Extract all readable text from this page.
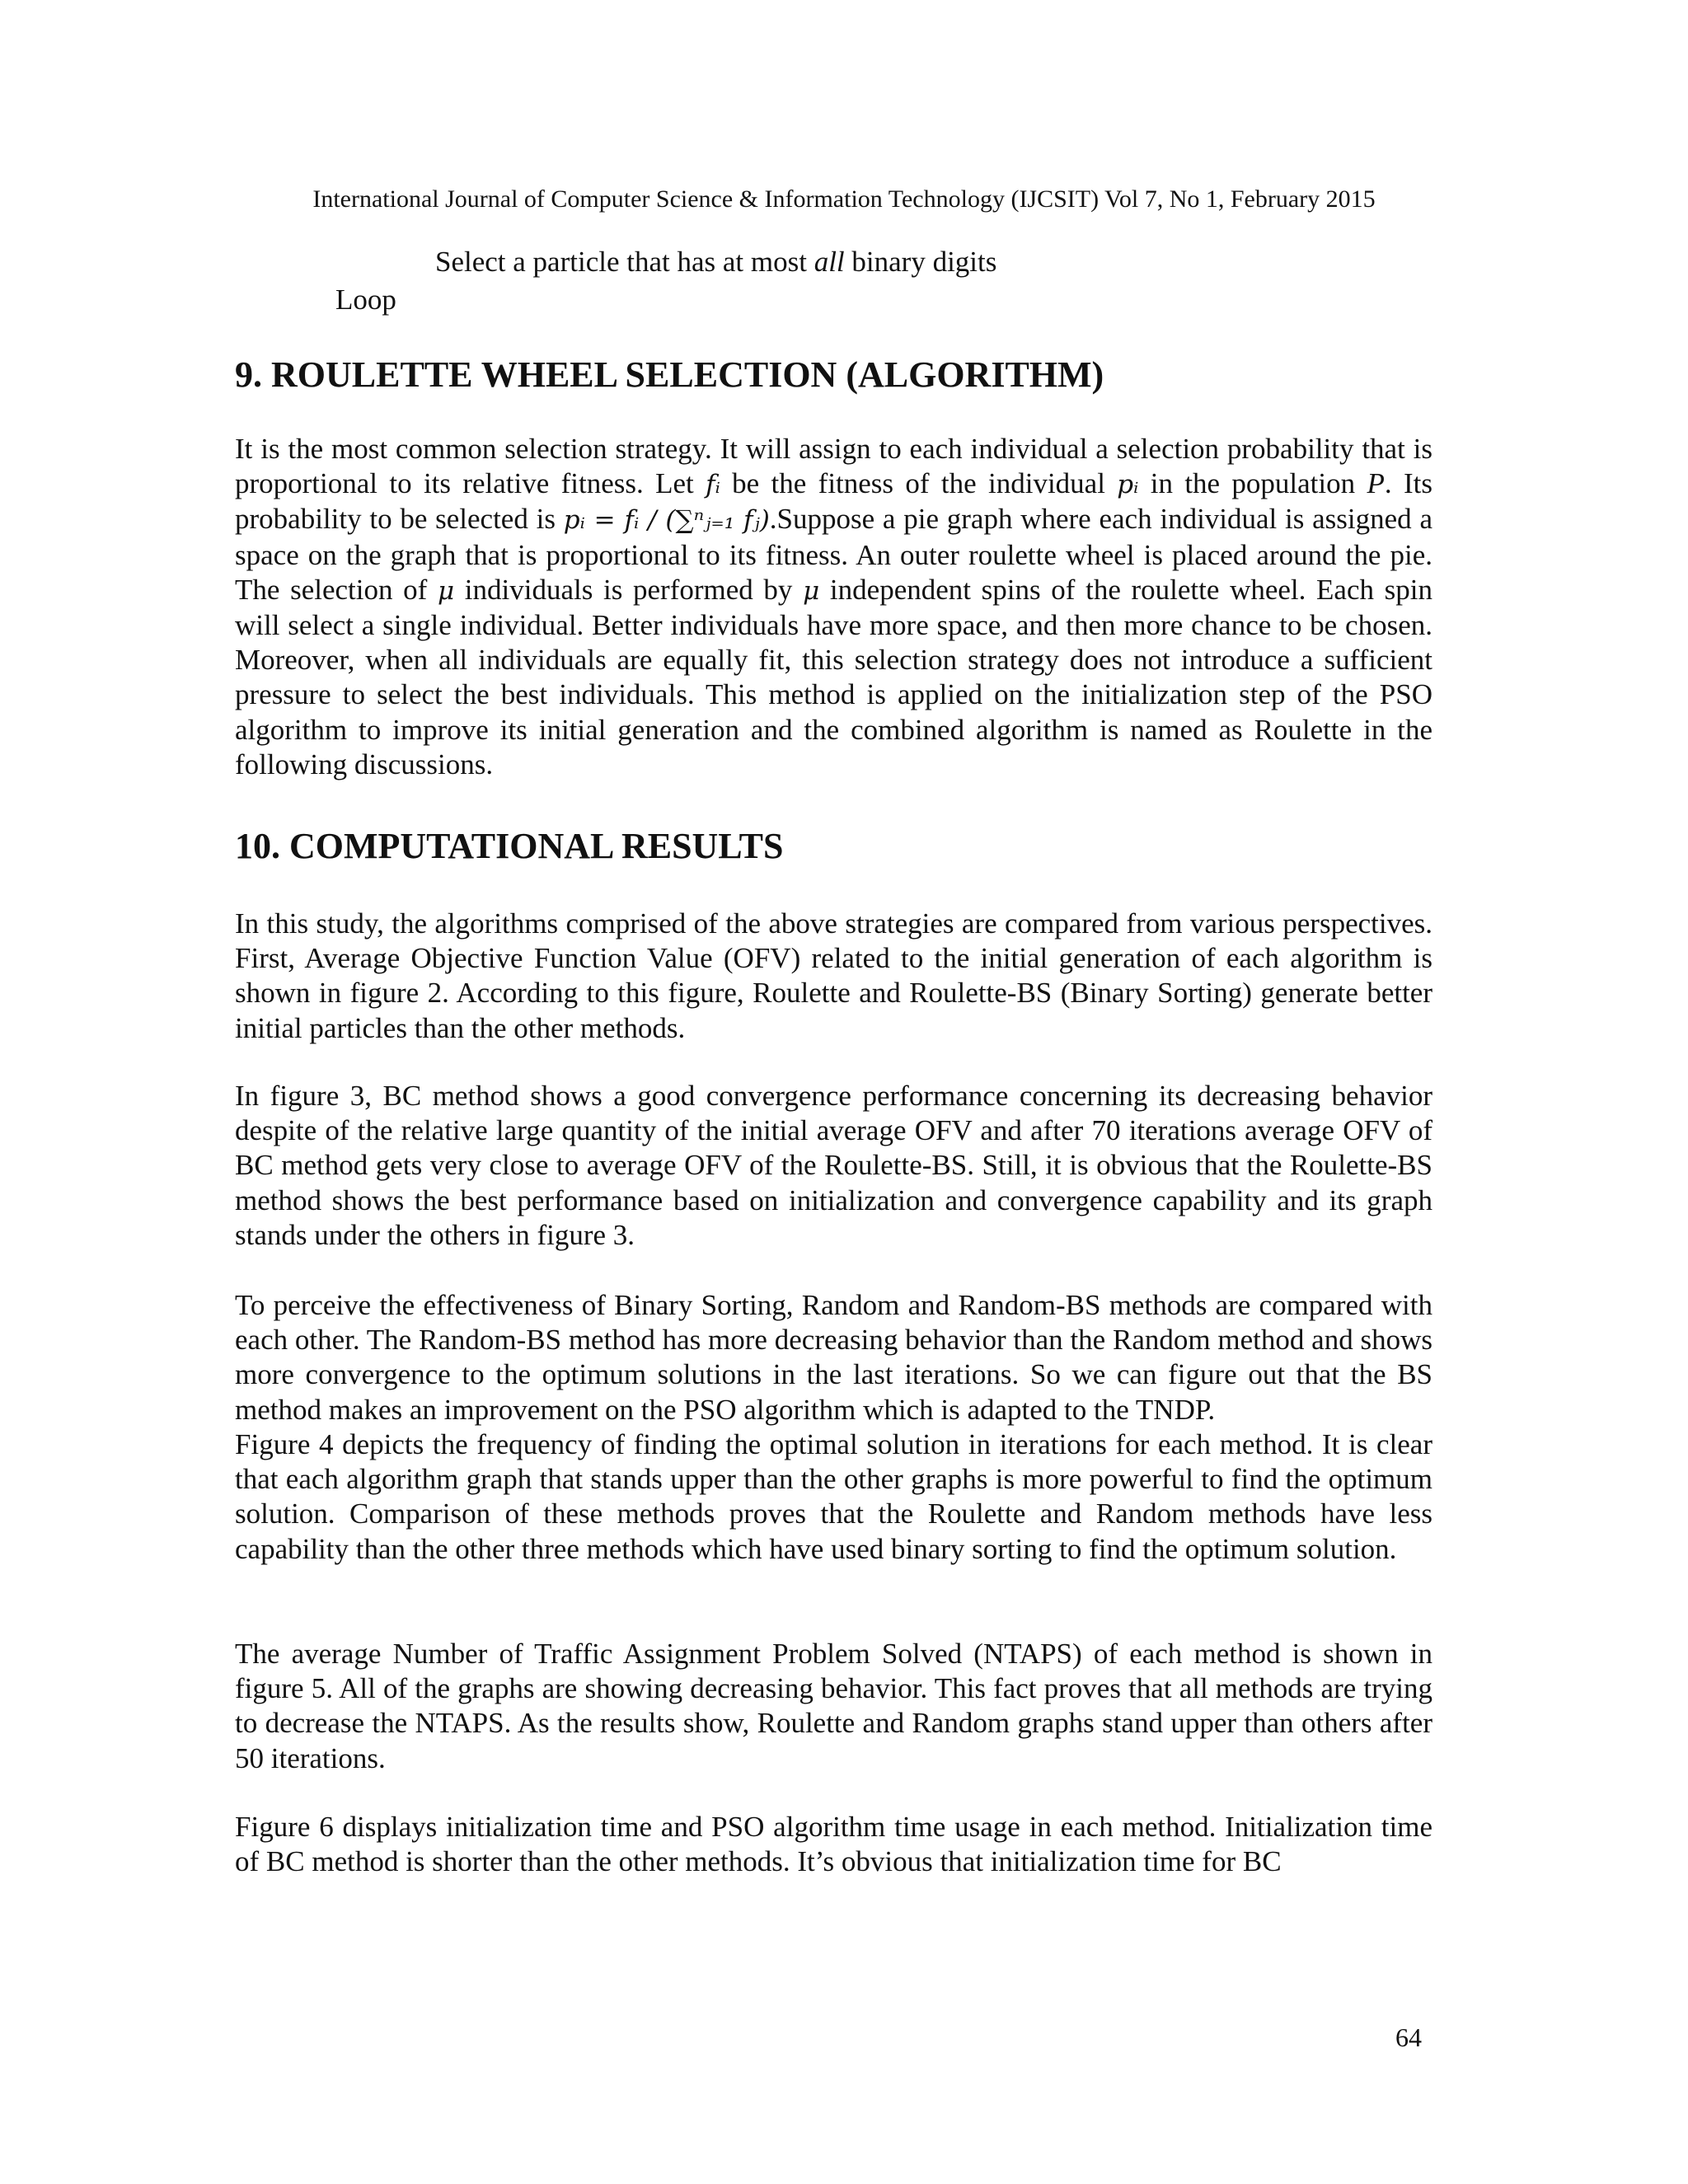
International Journal of Computer Science & Information Technology (IJCSIT) Vol 7, No 1, February 2015
Select a particle that has at most all binary digits
Loop
9. ROULETTE WHEEL SELECTION (ALGORITHM)

It is the most common selection strategy. It will assign to each individual a selection probability that is proportional to its relative fitness. Let fᵢ be the fitness of the individual pᵢ in the population P. Its probability to be selected is pᵢ = fᵢ / (∑ⁿⱼ₌₁ fⱼ).Suppose a pie graph where each individual is assigned a space on the graph that is proportional to its fitness. An outer roulette wheel is placed around the pie. The selection of μ individuals is performed by μ independent spins of the roulette wheel. Each spin will select a single individual. Better individuals have more space, and then more chance to be chosen. Moreover, when all individuals are equally fit, this selection strategy does not introduce a sufficient pressure to select the best individuals. This method is applied on the initialization step of the PSO algorithm to improve its initial generation and the combined algorithm is named as Roulette in the following discussions.

10. COMPUTATIONAL RESULTS

In this study, the algorithms comprised of the above strategies are compared from various perspectives. First, Average Objective Function Value (OFV) related to the initial generation of each algorithm is shown in figure 2. According to this figure, Roulette and Roulette-BS (Binary Sorting) generate better initial particles than the other methods.

In figure 3, BC method shows a good convergence performance concerning its decreasing behavior despite of the relative large quantity of the initial average OFV and after 70 iterations average OFV of BC method gets very close to average OFV of the Roulette-BS. Still, it is obvious that the Roulette-BS method shows the best performance based on initialization and convergence capability and its graph stands under the others in figure 3.

To perceive the effectiveness of Binary Sorting, Random and Random-BS methods are compared with each other. The Random-BS method has more decreasing behavior than the Random method and shows more convergence to the optimum solutions in the last iterations. So we can figure out that the BS method makes an improvement on the PSO algorithm which is adapted to the TNDP.

Figure 4 depicts the frequency of finding the optimal solution in iterations for each method. It is clear that each algorithm graph that stands upper than the other graphs is more powerful to find the optimum solution. Comparison of these methods proves that the Roulette and Random methods have less capability than the other three methods which have used binary sorting to find the optimum solution.

The average Number of Traffic Assignment Problem Solved (NTAPS) of each method is shown in figure 5. All of the graphs are showing decreasing behavior. This fact proves that all methods are trying to decrease the NTAPS. As the results show, Roulette and Random graphs stand upper than others after 50 iterations.

Figure 6 displays initialization time and PSO algorithm time usage in each method. Initialization time of BC method is shorter than the other methods. It’s obvious that initialization time for BC

64
